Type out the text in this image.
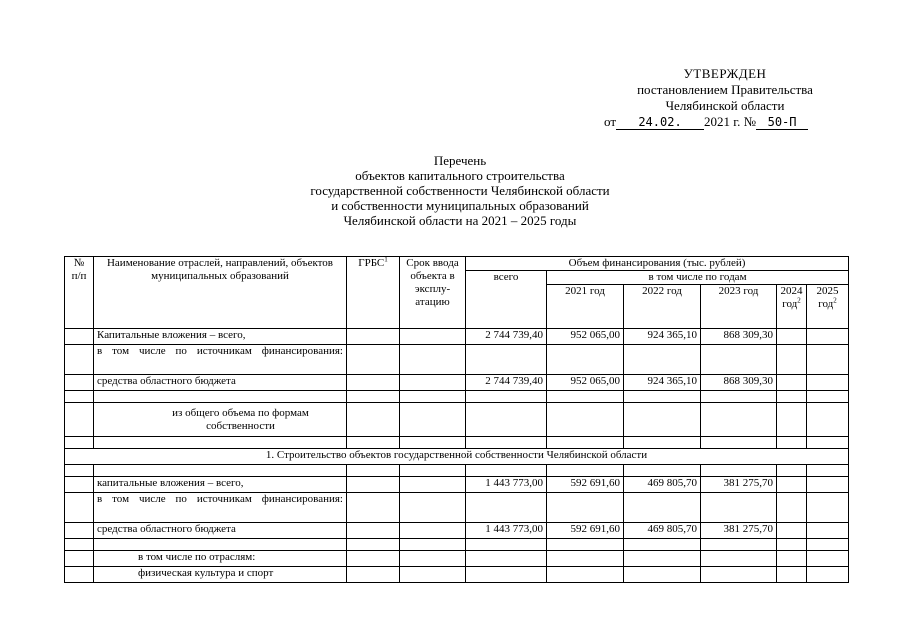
УТВЕРЖДЕН
постановлением Правительства
Челябинской области
от 24.02. 2021 г. № 50-П
Перечень
объектов капитального строительства
государственной собственности Челябинской области
и собственности муниципальных образований
Челябинской области на 2021 – 2025 годы
№
п/п	Наименование отраслей, направлений, объектов муниципальных образований	ГРБС$^1$	Срок ввода объекта в эксплу-атацию	Объем финансирования (тыс. рублей)					
				всего	в том числе по годам				
					2021 год	2022 год	2023 год	2024 год$^2$	2025 год$^2$
	Капитальные вложения – всего,			2 744 739,40	952 065,00	924 365,10	868 309,30		
	в том числе по источникам финансирования:								
	средства областного бюджета			2 744 739,40	952 065,00	924 365,10	868 309,30		

	из общего объема по формам собственности								

1. Строительство объектов государственной собственности Челябинской области									

	капитальные вложения – всего,			1 443 773,00	592 691,60	469 805,70	381 275,70		
	в том числе по источникам финансирования:								
	средства областного бюджета			1 443 773,00	592 691,60	469 805,70	381 275,70		

	в том числе по отраслям:								
	физическая культура и спорт								
